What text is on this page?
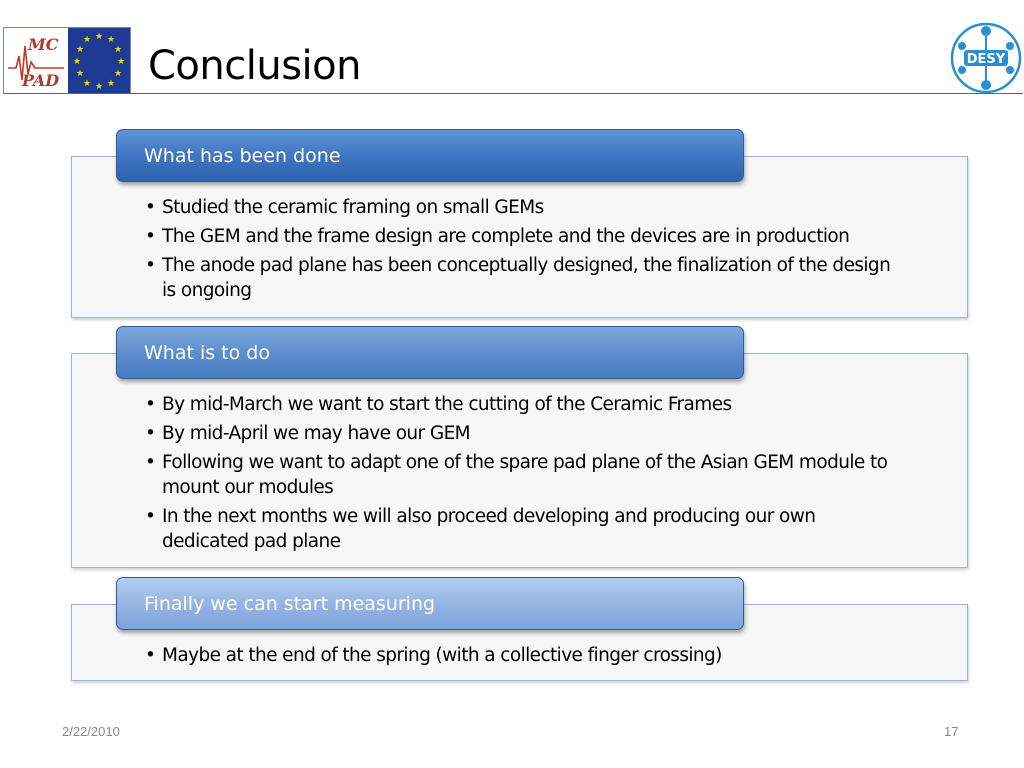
MC
PAD
★ ★
★
★
★
★
★
★
★
★
★
★
Conclusion	DESY
• Studied the ceramic framing on small GEMs
• The GEM and the frame design are complete and the devices are in production
• The anode pad plane has been conceptually designed, the finalization of the design is ongoing
What has been done
• By mid-March we want to start the cutting of the Ceramic Frames
• By mid-April we may have our GEM
• Following we want to adapt one of the spare pad plane of the Asian GEM module to mount our modules
• In the next months we will also proceed developing and producing our own dedicated pad plane
What is to do
• Maybe at the end of the spring (with a collective finger crossing)
Finally we can start measuring
2/22/2010	17
